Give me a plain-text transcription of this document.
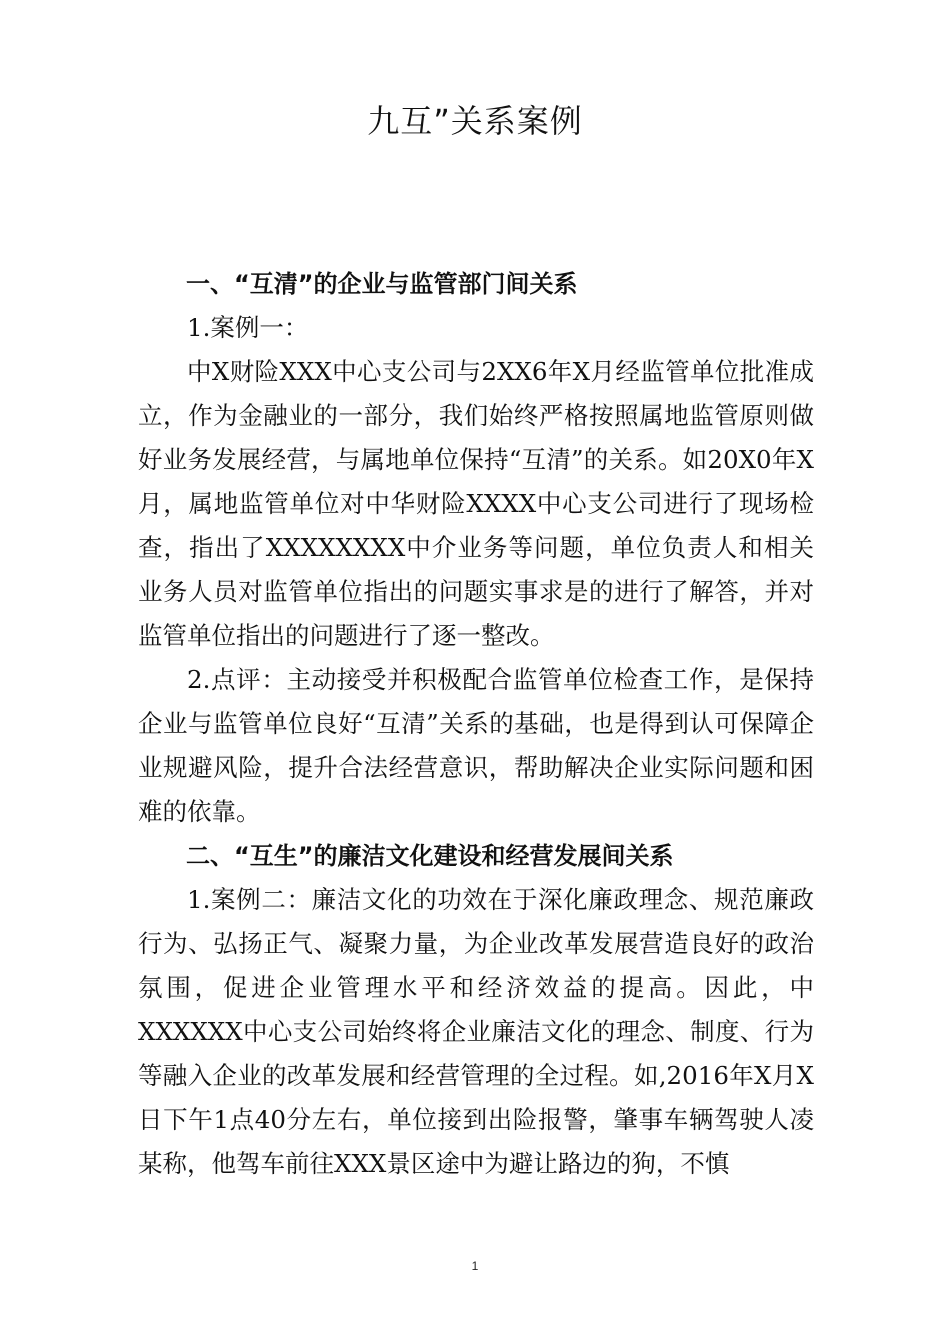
九互”关系案例
一、“互清”的企业与监管部门间关系

1.案例一：

中X财险XXX中心支公司与2XX6年X月经监管单位批准成立，作为金融业的一部分，我们始终严格按照属地监管原则做好业务发展经营，与属地单位保持“互清”的关系。如20X0年X月，属地监管单位对中华财险XXXX中心支公司进行了现场检查，指出了XXXXXXXX中介业务等问题，单位负责人和相关业务人员对监管单位指出的问题实事求是的进行了解答，并对监管单位指出的问题进行了逐一整改。

2.点评：主动接受并积极配合监管单位检查工作，是保持企业与监管单位良好“互清”关系的基础，也是得到认可保障企业规避风险，提升合法经营意识，帮助解决企业实际问题和困难的依靠。

二、“互生”的廉洁文化建设和经营发展间关系

1.案例二：廉洁文化的功效在于深化廉政理念、规范廉政行为、弘扬正气、凝聚力量，为企业改革发展营造良好的政治氛围，促进企业管理水平和经济效益的提高。因此，中XXXXXX中心支公司始终将企业廉洁文化的理念、制度、行为等融入企业的改革发展和经营管理的全过程。如,2016年X月X日下午1点40分左右，单位接到出险报警，肇事车辆驾驶人凌某称，他驾车前往XXX景区途中为避让路边的狗，不慎

1
